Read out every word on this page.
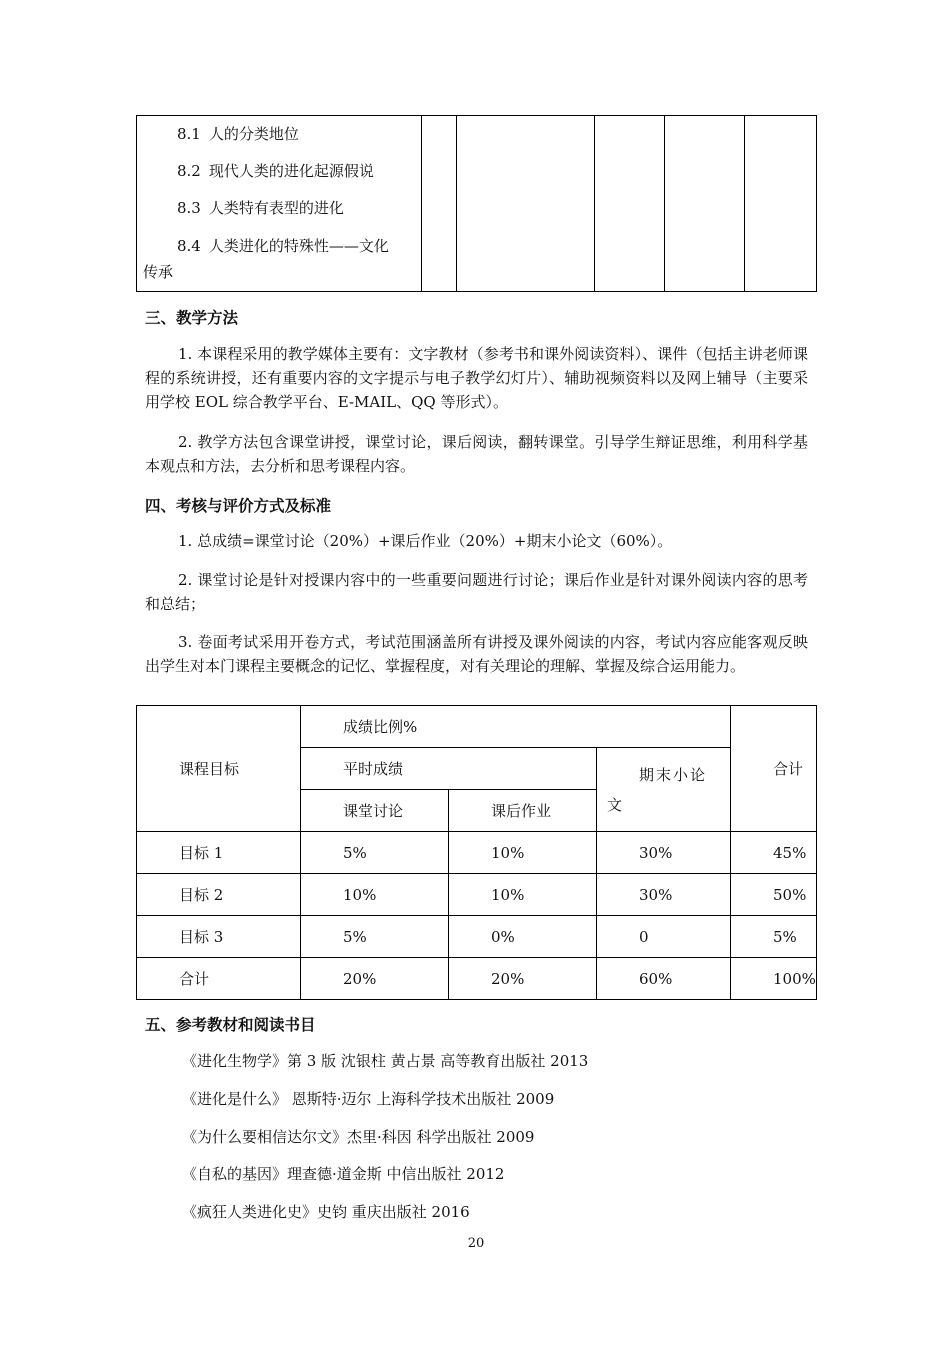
8.1 人的分类地位
8.2 现代人类的进化起源假说
8.3 人类特有表型的进化
8.4 人类进化的特殊性——文化
传承

三、教学方法
1. 本课程采用的教学媒体主要有：文字教材（参考书和课外阅读资料）、课件（包括主讲老师课程的系统讲授，还有重要内容的文字提示与电子教学幻灯片）、辅助视频资料以及网上辅导（主要采用学校 EOL 综合教学平台、E-MAIL、QQ 等形式）。
2. 教学方法包含课堂讲授，课堂讨论，课后阅读，翻转课堂。引导学生辩证思维，利用科学基本观点和方法，去分析和思考课程内容。
四、考核与评价方式及标准
1. 总成绩=课堂讨论（20%）+课后作业（20%）+期末小论文（60%）。
2. 课堂讨论是针对授课内容中的一些重要问题进行讨论；课后作业是针对课外阅读内容的思考和总结；
3. 卷面考试采用开卷方式，考试范围涵盖所有讲授及课外阅读的内容，考试内容应能客观反映出学生对本门课程主要概念的记忆、掌握程度，对有关理论的理解、掌握及综合运用能力。
课程目标	成绩比例%			合计
	平时成绩		期末小论
文	

	课堂讨论	课后作业		
目标 1	5%	10%	30%	45%
目标 2	10%	10%	30%	50%
目标 3	5%	0%	0	5%
合计	20%	20%	60%	100%
五、参考教材和阅读书目
《进化生物学》第 3 版 沈银柱 黄占景 高等教育出版社 2013
《进化是什么》 恩斯特·迈尔 上海科学技术出版社 2009
《为什么要相信达尔文》杰里·科因 科学出版社 2009
《自私的基因》理查德·道金斯 中信出版社 2012
《疯狂人类进化史》史钧 重庆出版社 2016
20
